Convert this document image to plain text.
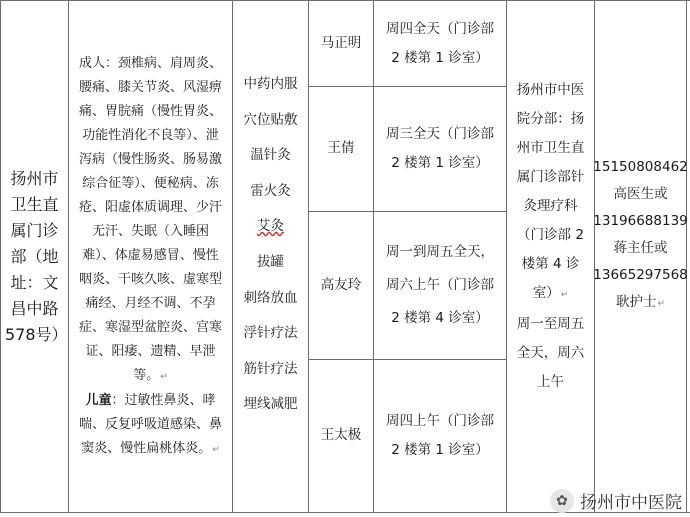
扬州市卫生直属门诊部（地址：文昌中路578号）
成人：颈椎病、肩周炎、腰痛、膝关节炎、风湿痹痛、胃脘痛（慢性胃炎、功能性消化不良等）、泄泻病（慢性肠炎、肠易激综合征等）、便秘病、冻疮、阳虚体质调理、少汗无汗、失眠（入睡困难）、体虚易感冒、慢性咽炎、干咳久咳、虚寒型痛经、月经不调、不孕症、寒湿型盆腔炎、宫寒证、阳痿、遗精、早泄等。↵
儿童：过敏性鼻炎、哮喘、反复呼吸道感染、鼻窦炎、慢性扁桃体炎。↵
中药内服
穴位贴敷
温针灸
雷火灸
艾灸
拔罐
刺络放血
浮针疗法
筋针疗法
埋线减肥
马正明
周四全天（门诊部
2 楼第 1 诊室）
王倩
周三全天（门诊部
2 楼第 1 诊室）
高友玲
周一到周五全天，
周六上午（门诊部
2 楼第 4 诊室）
王太极
周四上午（门诊部
2 楼第 1 诊室）
扬州市中医院分部：扬州市卫生直属门诊部针灸理疗科（门诊部 2 楼第 4 诊室）↵
周一至周五全天，周六上午
15150808462 高医生或 13196688139 蒋主任或 13665297568 耿护士↵
✿ 扬州市中医院
